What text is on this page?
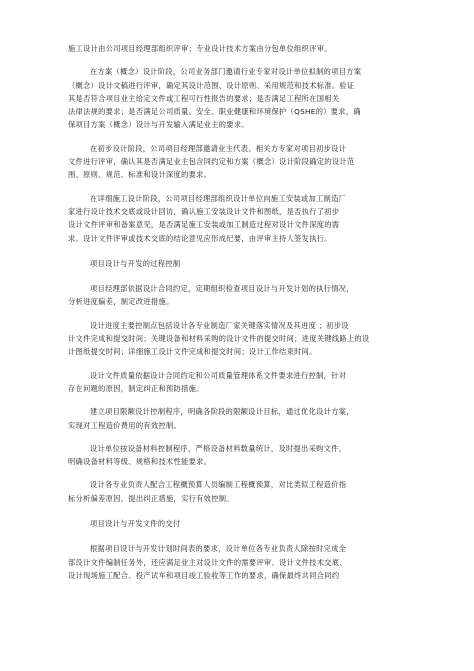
施工设计由公司项目经理部组织评审；专业设计技术方案由分包单位组织评审。
在方案（概念）设计阶段，公司业务部门邀请行业专家对设计单位拟制的项目方案
（概念）设计文稿进行评审，确定其设计范围、设计原则、采用规范和技术标准。验证
其是否符合项目业主给定文件或工程可行性报告的要求；是否满足工程所在国相关
法律法规的要求；是否满足公司质量、安全、职业健康和环境保护（QSHE的）要求，确
保项目方案（概念）设计与开发输入满足业主的要求。
在初步设计阶段，公司项目经理部邀请业主代表、相关方专家对项目初步设计
文件进行评审，确认其是否满足业主包含同约定和方案（概念）设计阶段确定的设计范
围、原则、规范、标准和设计深度的要求。
在详细施工设计阶段，公司项目经理部组织设计单位向施工安装或加工制造厂
家进行设计技术交底或设计回访，确认施工安装设计文件和图纸，是否执行了初步
设计文件评审和备案意见，是否满足施工安装或加工制造过程对设计文件深度的需
求。设计文件评审或技术交底的结论意见应形成纪要，由评审主持人签发执行。
项目设计与开发的过程控制
项目经理部依据设计合同约定，定期组织检查项目设计与开发计划的执行情况，
分析进度偏差，制定改进措施。
设计进度主要控制点包括设计各专业制造厂家关键落实情况及其进度 ；初步设
计文件完成和提交时间；关键设备和材料采购的设计文件的提交时间；进度关键线路上的设
计图纸提交时间；详细施工设计文件完成和提交时间；设计工作结束时间。
设计文件质量依据设计合同约定和公司质量管理体系文件要求进行控制，针对
存在问题的原因，制定纠正和预防措施。
建立项目限额设计控制程序，明确各阶段的限额设计目标，通过优化设计方案，
实现对工程造价费用的有效控制。
设计单位按设备材料控制程序，严格设备材料数量统计，及时提出采购文件，
明确设备材料等级、规格和技术性能要求。
设计各专业负责人配合工程概预算人员编制工程概预算，对比类似工程造价指
标分析偏差原因，提出纠正措施，实行有效控制。
项目设计与开发文件的交付
根据项目设计与开发计划时间表的要求，设计单位各专业负责人除按时完成全
部设计文件编制任务外，还应满足业主对设计文件的需要评审、设计文件技术交底、
设计现场施工配合、投产试车和项目竣工验收等工作的要求，确保最终共同合同约
